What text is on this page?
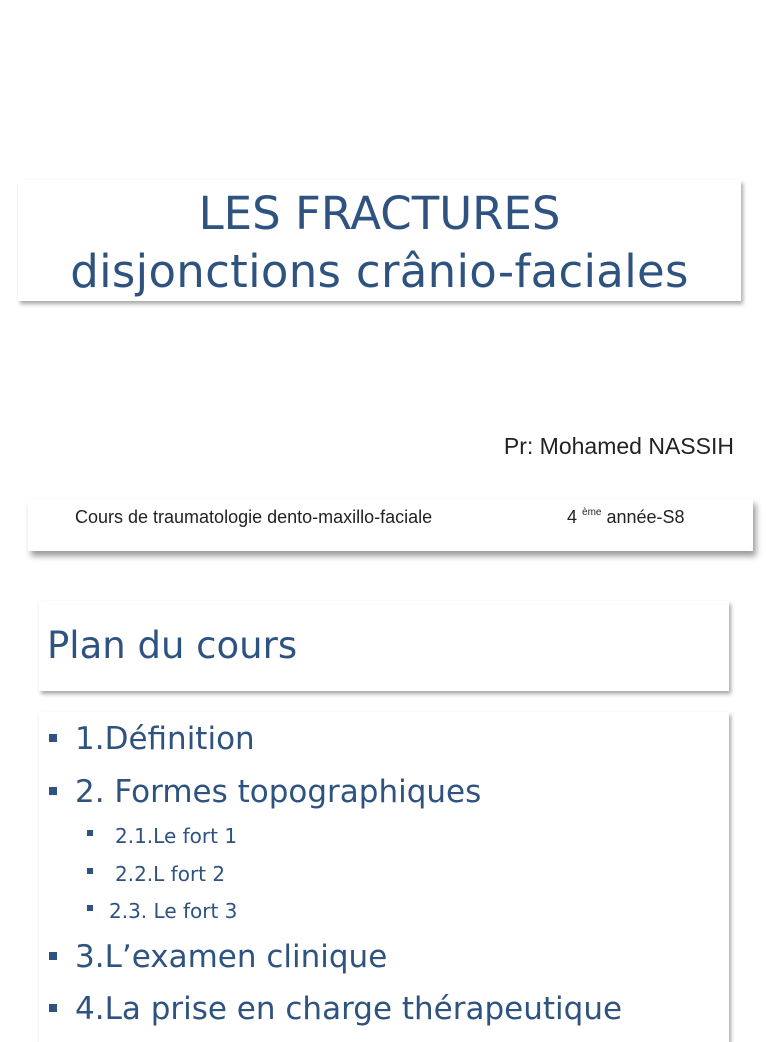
LES FRACTURES
disjonctions crânio-faciales
Pr: Mohamed NASSIH
Cours de traumatologie dento-maxillo-faciale	4 $^{ème}$ année-S8
Plan du cours
1.Définition
2. Formes topographiques
2.1.Le fort 1
2.2.L fort 2
2.3. Le fort 3
3.L’examen clinique
4.La prise en charge thérapeutique
